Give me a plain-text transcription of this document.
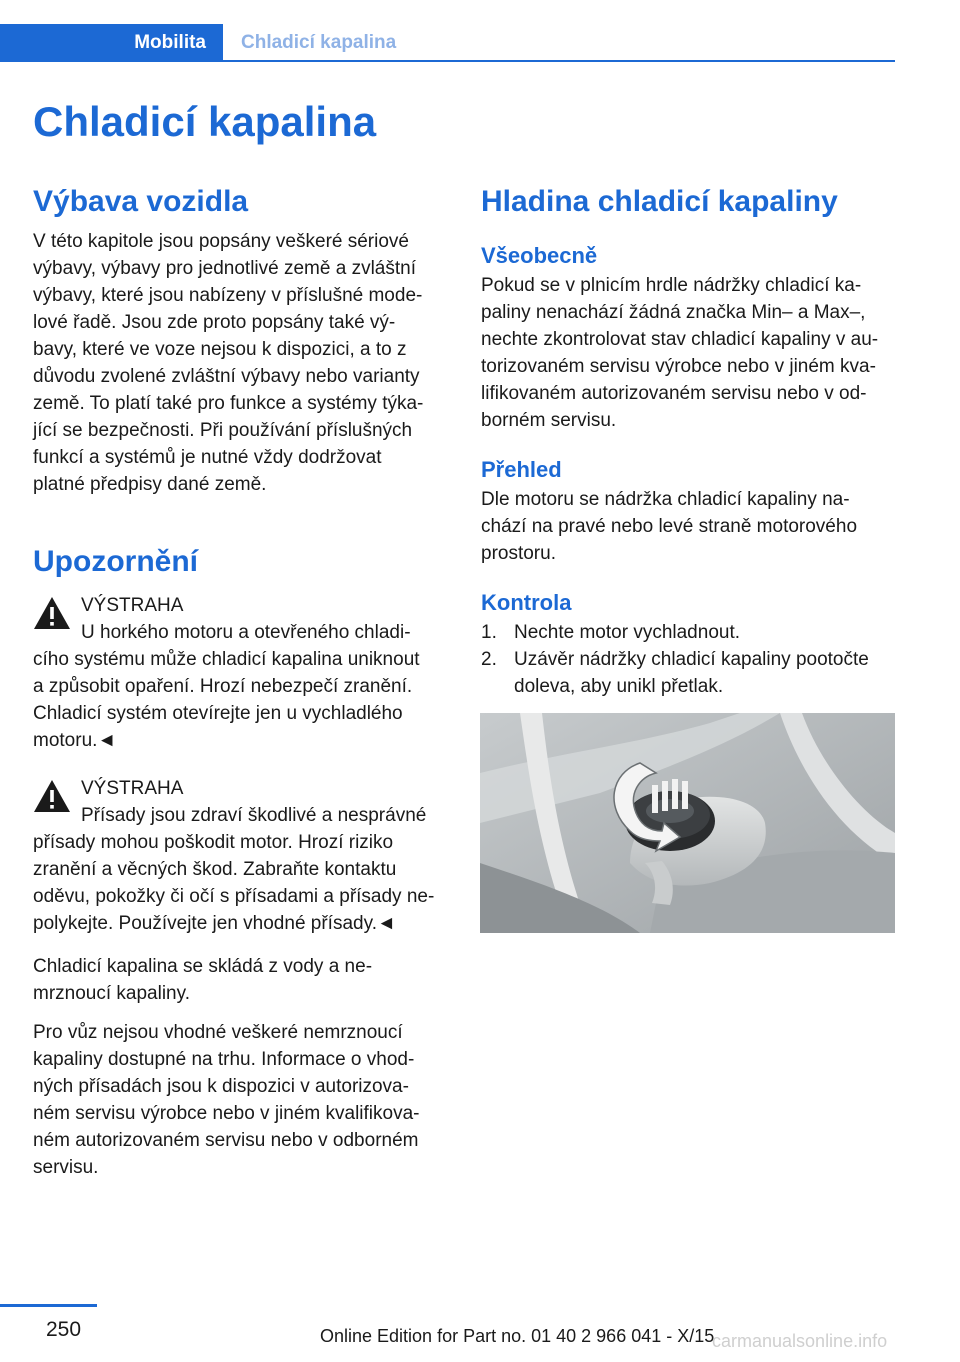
Mobilita	Chladicí kapalina
Chladicí kapalina
Výbava vozidla
V této kapitole jsou popsány veškeré sériové
výbavy, výbavy pro jednotlivé země a zvláštní
výbavy, které jsou nabízeny v příslušné mode-
lové řadě. Jsou zde proto popsány také vý-
bavy, které ve voze nejsou k dispozici, a to z
důvodu zvolené zvláštní výbavy nebo varianty
země. To platí také pro funkce a systémy týka-
jící se bezpečnosti. Při používání příslušných
funkcí a systémů je nutné vždy dodržovat
platné předpisy dané země.
Upozornění
VÝSTRAHA
U horkého motoru a otevřeného chladi-
cího systému může chladicí kapalina uniknout
a způsobit opaření. Hrozí nebezpečí zranění.
Chladicí systém otevírejte jen u vychladlého
motoru.◄
VÝSTRAHA
Přísady jsou zdraví škodlivé a nesprávné
přísady mohou poškodit motor. Hrozí riziko
zranění a věcných škod. Zabraňte kontaktu
oděvu, pokožky či očí s přísadami a přísady ne-
polykejte. Používejte jen vhodné přísady.◄
Chladicí kapalina se skládá z vody a ne-
mrznoucí kapaliny.
Pro vůz nejsou vhodné veškeré nemrznoucí
kapaliny dostupné na trhu. Informace o vhod-
ných přísadách jsou k dispozici v autorizova-
ném servisu výrobce nebo v jiném kvalifikova-
ném autorizovaném servisu nebo v odborném
servisu.
Hladina chladicí kapaliny
Všeobecně
Pokud se v plnicím hrdle nádržky chladicí ka-
paliny nenachází žádná značka Min– a Max–,
nechte zkontrolovat stav chladicí kapaliny v au-
torizovaném servisu výrobce nebo v jiném kva-
lifikovaném autorizovaném servisu nebo v od-
borném servisu.
Přehled
Dle motoru se nádržka chladicí kapaliny na-
chází na pravé nebo levé straně motorového
prostoru.
Kontrola
1. Nechte motor vychladnout.
2. Uzávěr nádržky chladicí kapaliny pootočte
doleva, aby unikl přetlak.
250	Online Edition for Part no. 01 40 2 966 041 - X/15
carmanualsonline.info
